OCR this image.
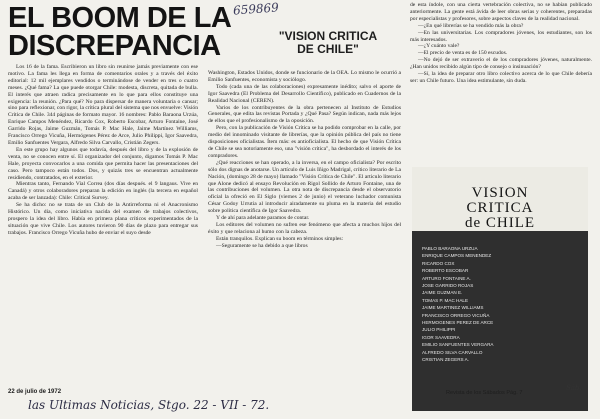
659869
EL BOOM DE LA
DISCREPANCIA	"VISION CRITICA
DE CHILE"

Los 16 de la fama. Escribieron un libro sin reunirse jamás previamente con ese motivo. La fama les llega en forma de comentarios orales y a través del éxito editorial: 12 mil ejemplares vendidos o terminándose de vender en tres o cuatro meses. ¿Qué fama? La que puede otorgar Chile: modesta, discreta, quitada de bulla. El interés que atraen radica precisamente en lo que para ellos constituye una exigencia: la reunión. ¿Para qué? No para dispersar de manera voluntaria o cansar; sino para reflexionar, con rigor, la crítica plural del sistema que nos envuelve: Visión Crítica de Chile. 344 páginas de formato mayor. 16 nombres: Pablo Baraona Urzúa, Enrique Campos Menéndez, Ricardo Cox, Roberto Escobar, Arturo Fontaine, José Garrido Rojas, Jaime Guzmán, Tomás P. Mac Hale, Jaime Martínez Williams, Francisco Orrego Vicuña, Hermógenes Pérez de Arce, Julio Philippi, Igor Saavedra, Emilio Sanfuentes Vergara, Alfredo Silva Carvallo, Cristián Zegers.

En este grupo hay algunos que todavía, después del libro y de la explosión de venta, no se conocen entre sí. El organizador del conjunto, digamos Tomás P. Mac Hale, proyecta convocarlos a una comida que permita hacer las presentaciones del caso. Pero tampoco están todos. Dos, y quizás tres se encuentran actualmente residiendo, contratados, en el exterior.

Mientras tanto, Fernando Vial Correa (dos días después. el 9 langaus. Vive en Canadá) y otros colaboradores preparan la edición en inglés (la tercera en español acaba de ser lanzada): Chile: Critical Survey.

Se ha dicho: no se trata de un Club de la Antirreforma ni el Anacronismo Histórico. Un día, como iniciativa nacida del examen de trabajos colectivos, prospero la idea del libro. Había en primera plana críticos experimentados de la situación que vive Chile. Los autores tuvieron 90 días de plazo para entregar sus trabajos. Francisco Orrego Vicuña hubo de enviar el suyo desde

22 de julio de 1972

Washington, Estados Unidos, donde se funcionario de la OEA. Lo mismo le ocurrió a Emilio Sanfuentes, economista y sociólogo.

Todo (cada una de las colaboraciones) expresamente inédito; salvo el aporte de Igor Saavedra (El Problema del Desarrollo Científico), publicado en Cuadernos de la Realidad Nacional (CEREN).

Varios de los contribuyentes de la obra pertenecen al Instituto de Estudios Generales, que edita las revistas Portada y ¿Qué Pasa? Según indican, nada más lejos de ellos que el profesionalismo de la oposición.

Pero, con la publicación de Visión Crítica se ha podido comprobar en la calle, por medio del innominado visitante de librerías, que la opinión pública del país no tiene disposiciones oficialistas. Ítem más: es antioficialista. El hecho de que Visión Crítica de Chile se sea notoriamente eso, una "visión crítica", ha desbordado el interés de los compradores.

¿Qué reacciones se han operado, a la inversa, en el campo oficialista? Por escrito sólo dos dignas de anotarse. Un artículo de Luis Iñigo Madrigal, crítico literario de La Nación, (domingo 28 de mayo) llamado "Visión Crítica de Chile". El articulo literario que Alone dedicó al ensayo Revolución en Rigol Sollido de Arturo Fontaine, una de las contribuciones del volumen. La otra nota de discrepancia desde el observatorio oficial la ofreció en El Siglo (viernes 2 de junio) el veterano luchador comunista César Godoy Urrutia al introducir airadamente su pluma en la materia del estudio sobre política científica de Igor Saavedra.

Y de ahí para adelante paramos de contar.

Los editores del volumen no sufren ese fenómeno que afecta a muchos hijos del éxito y que relaciona al humo con la cabeza.

Están tranquilos. Explican su boom en términos simples:

—Seguramente se ha debido a que libros

de esta índole, con una cierta vertebración colectiva, no se habían publicado anteriormente. La gente está ávida de leer obras serias y coherentes, preparadas por especialistas y profesores, sobre aspectos claves de la realidad nacional.

—¿En qué librerías se ha vendido más la obra?

—En las universitarias. Los compradores jóvenes, los estudiantes, son los más interesados.

—¿Y cuánto vale?

—El precio de venta es de 150 escudos.

—No dejó de ser extraverío el de los compradores jóvenes, naturalmente. ¿Han unidos recibido algún tipo de consejo o insinuación?

—Sí, la idea de preparar otro libro colectivo acerca de lo que Chile debería ser: un Chile futuro. Una idea estimulante, sin duda.

VISION
CRITICA
de CHILE
PABLO BARAONA URZUA
ENRIQUE CAMPOS MENENDEZ
RICARDO COX
ROBERTO ESCOBAR
ARTURO FONTAINE A.
JOSE GARRIDO ROJAS
JAIME GUZMAN E.
TOMAS P. MAC HALE
JAIME MARTINEZ WILLIAMS
FRANCISCO ORREGO VICUÑA
HERMOGENES PEREZ DE ARCE
JULIO PHILIPPI
IGOR SAAVEDRA
EMILIO SANFUENTES VERGARA
ALFREDO SILVA CARVALLO
CRISTIAN ZEGERS A.
Revista de los Sábados Pág. 7
Sáb.
las Ultimas Noticias, Stgo. 22 - VII - 72.
